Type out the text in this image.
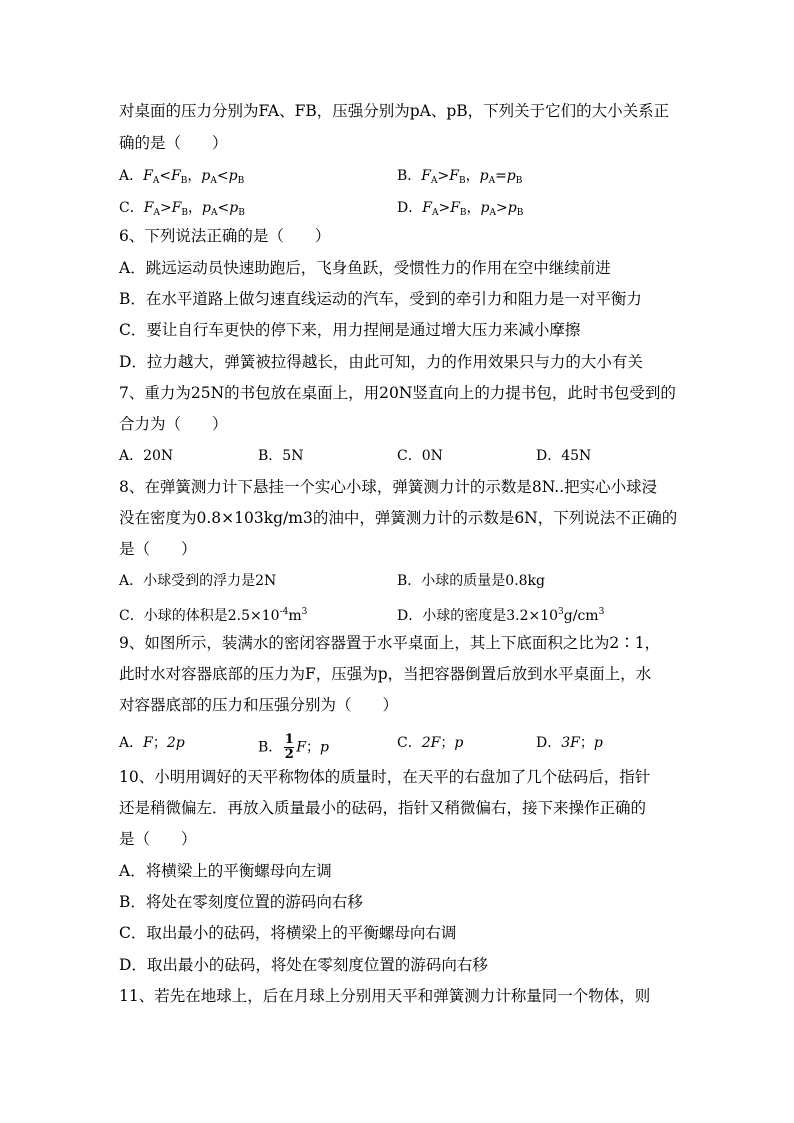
对桌面的压力分别为FA、FB，压强分别为pA、pB，下列关于它们的大小关系正
确的是（　　）
A．$F_A<F_B$，$p_A<p_B$	B．$F_A>F_B$，$p_A=p_B$
C．$F_A>F_B$，$p_A<p_B$	D．$F_A>F_B$，$p_A>p_B$
6、下列说法正确的是（　　）
A．跳远运动员快速助跑后，飞身鱼跃，受惯性力的作用在空中继续前进
B．在水平道路上做匀速直线运动的汽车，受到的牵引力和阻力是一对平衡力
C．要让自行车更快的停下来，用力捏闸是通过增大压力来减小摩擦
D．拉力越大，弹簧被拉得越长，由此可知，力的作用效果只与力的大小有关
7、重力为25N的书包放在桌面上，用20N竖直向上的力提书包，此时书包受到的
合力为（　　）
A．20N	B．5N	C．0N	D．45N
8、在弹簧测力计下悬挂一个实心小球，弹簧测力计的示数是8N..把实心小球浸
没在密度为0.8×103kg/m3的油中，弹簧测力计的示数是6N，下列说法不正确的
是（　　）
A．小球受到的浮力是2N	B．小球的质量是0.8kg
C．小球的体积是$2.5\times 10^{-4}m^3$	D．小球的密度是$3.2\times 10^3g/cm^3$
9、如图所示，装满水的密闭容器置于水平桌面上，其上下底面积之比为2∶1，
此时水对容器底部的压力为F，压强为p，当把容器倒置后放到水平桌面上，水
对容器底部的压力和压强分别为（　　）
A．F；2p	B． $\frac{1}{2}$ F；p	C．2F；p	D．3F；p
10、小明用调好的天平称物体的质量时，在天平的右盘加了几个砝码后，指针
还是稍微偏左．再放入质量最小的砝码，指针又稍微偏右，接下来操作正确的
是（　　）
A．将横梁上的平衡螺母向左调
B．将处在零刻度位置的游码向右移
C．取出最小的砝码，将横梁上的平衡螺母向右调
D．取出最小的砝码，将处在零刻度位置的游码向右移
11、若先在地球上，后在月球上分别用天平和弹簧测力计称量同一个物体，则
